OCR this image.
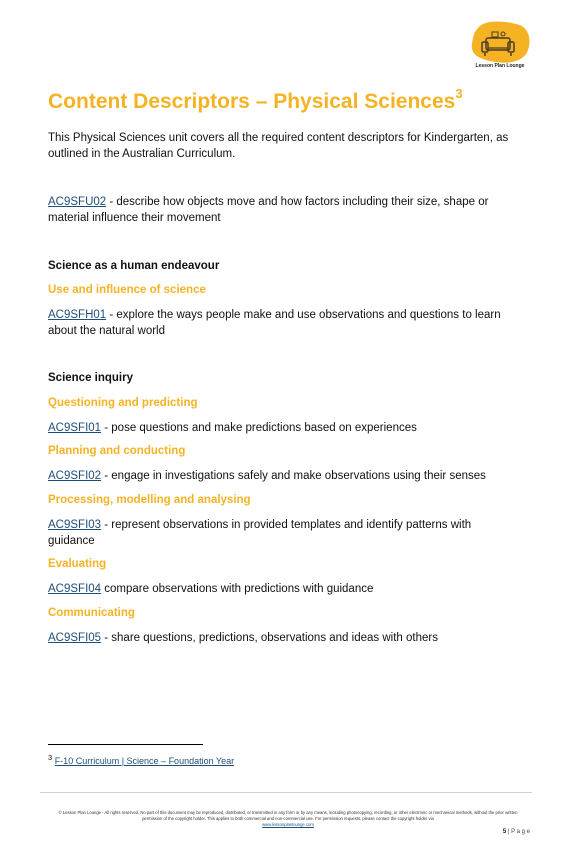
Lesson Plan Lounge
Content Descriptors – Physical Sciences$^3$
This Physical Sciences unit covers all the required content descriptors for Kindergarten, as outlined in the Australian Curriculum.
AC9SFU02 - describe how objects move and how factors including their size, shape or material influence their movement
Science as a human endeavour
Use and influence of science
AC9SFH01 - explore the ways people make and use observations and questions to learn about the natural world
Science inquiry
Questioning and predicting
AC9SFI01 - pose questions and make predictions based on experiences
Planning and conducting
AC9SFI02 - engage in investigations safely and make observations using their senses
Processing, modelling and analysing
AC9SFI03 - represent observations in provided templates and identify patterns with guidance
Evaluating
AC9SFI04 compare observations with predictions with guidance
Communicating
AC9SFI05 - share questions, predictions, observations and ideas with others
$^3$ F-10 Curriculum | Science – Foundation Year
© Lesson Plan Lounge - All rights reserved. No part of this document may be reproduced, distributed, or transmitted in any form or by any means, including photocopying, recording, or other electronic or mechanical methods, without the prior written permission of the copyright holder. This applies to both commercial and non-commercial use. For permission requests, please contact the copyright holder via
www.lessonplanlounge.com
5 | P a g e
